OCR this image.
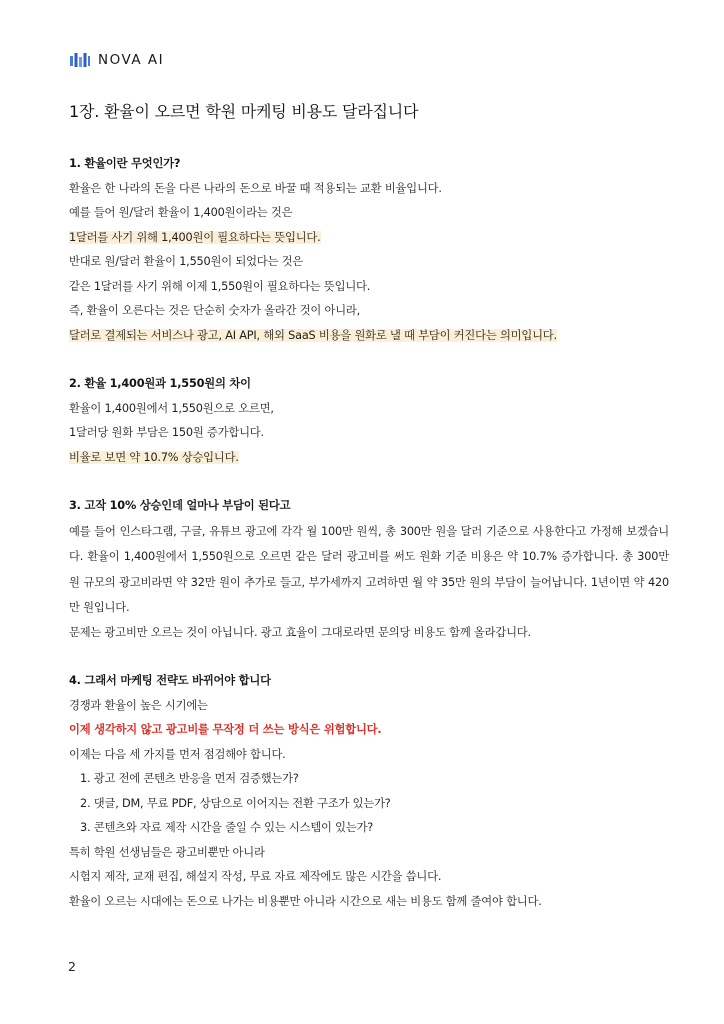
NOVA AI
1장. 환율이 오르면 학원 마케팅 비용도 달라집니다
1. 환율이란 무엇인가?
환율은 한 나라의 돈을 다른 나라의 돈으로 바꿀 때 적용되는 교환 비율입니다.
예를 들어 원/달러 환율이 1,400원이라는 것은
1달러를 사기 위해 1,400원이 필요하다는 뜻입니다.
반대로 원/달러 환율이 1,550원이 되었다는 것은
같은 1달러를 사기 위해 이제 1,550원이 필요하다는 뜻입니다.
즉, 환율이 오른다는 것은 단순히 숫자가 올라간 것이 아니라,
달러로 결제되는 서비스나 광고, AI API, 해외 SaaS 비용을 원화로 낼 때 부담이 커진다는 의미입니다.
2. 환율 1,400원과 1,550원의 차이
환율이 1,400원에서 1,550원으로 오르면,
1달러당 원화 부담은 150원 증가합니다.
비율로 보면 약 10.7% 상승입니다.
3. 고작 10% 상승인데 얼마나 부담이 된다고
예를 들어 인스타그램, 구글, 유튜브 광고에 각각 월 100만 원씩, 총 300만 원을 달러 기준으로 사용한다고 가정해 보겠습니다. 환율이 1,400원에서 1,550원으로 오르면 같은 달러 광고비를 써도 원화 기준 비용은 약 10.7% 증가합니다. 총 300만 원 규모의 광고비라면 약 32만 원이 추가로 들고, 부가세까지 고려하면 월 약 35만 원의 부담이 늘어납니다. 1년이면 약 420만 원입니다.
문제는 광고비만 오르는 것이 아닙니다. 광고 효율이 그대로라면 문의당 비용도 함께 올라갑니다.
4. 그래서 마케팅 전략도 바뀌어야 합니다
경쟁과 환율이 높은 시기에는
이제 생각하지 않고 광고비를 무작정 더 쓰는 방식은 위험합니다.
이제는 다음 세 가지를 먼저 점검해야 합니다.
1. 광고 전에 콘텐츠 반응을 먼저 검증했는가?
2. 댓글, DM, 무료 PDF, 상담으로 이어지는 전환 구조가 있는가?
3. 콘텐츠와 자료 제작 시간을 줄일 수 있는 시스템이 있는가?
특히 학원 선생님들은 광고비뿐만 아니라
시험지 제작, 교재 편집, 해설지 작성, 무료 자료 제작에도 많은 시간을 씁니다.
환율이 오르는 시대에는 돈으로 나가는 비용뿐만 아니라 시간으로 새는 비용도 함께 줄여야 합니다.
2
